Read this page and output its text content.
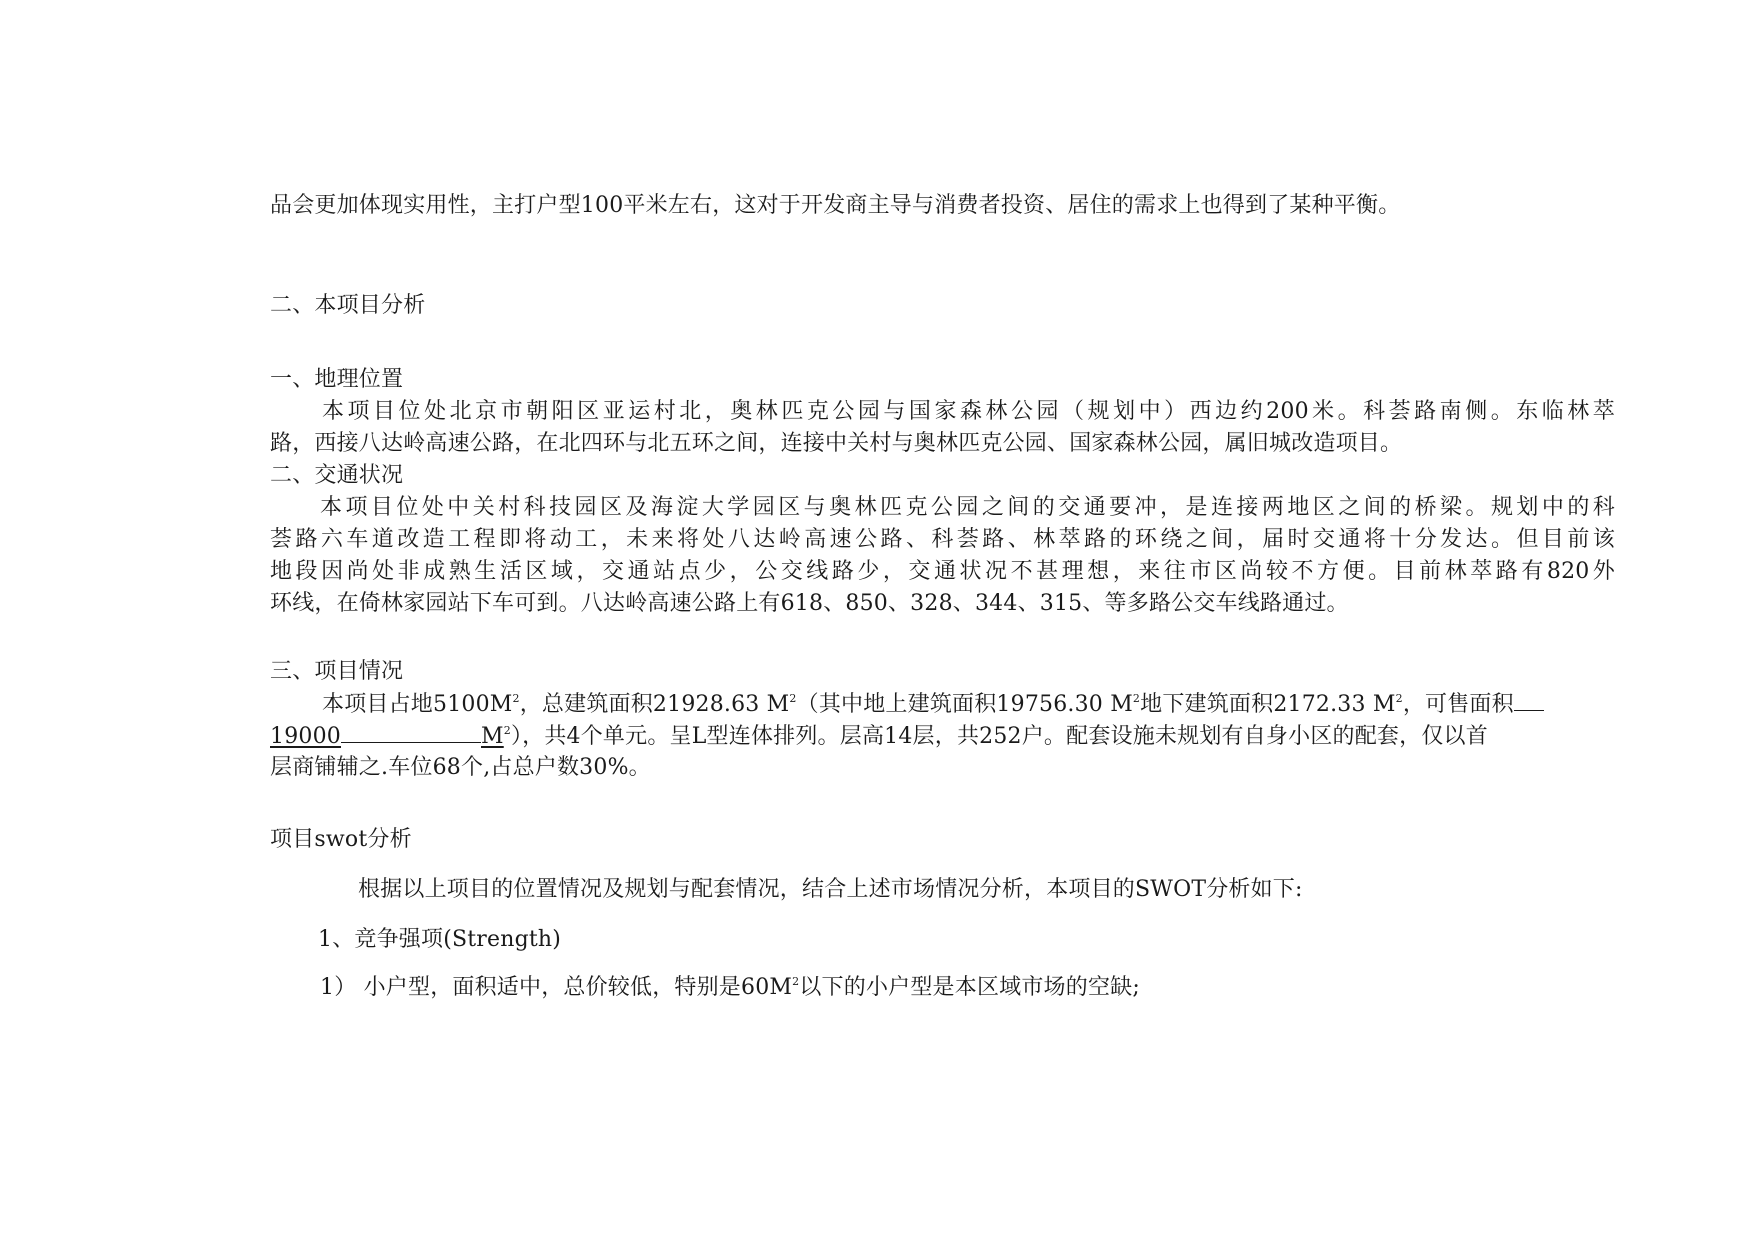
品会更加体现实用性，主打户型100平米左右，这对于开发商主导与消费者投资、居住的需求上也得到了某种平衡。
二、本项目分析
一、地理位置
本项目位处北京市朝阳区亚运村北，奥林匹克公园与国家森林公园（规划中）西边约200米。科荟路南侧。东临林萃
路，西接八达岭高速公路，在北四环与北五环之间，连接中关村与奥林匹克公园、国家森林公园，属旧城改造项目。
二、交通状况
本项目位处中关村科技园区及海淀大学园区与奥林匹克公园之间的交通要冲，是连接两地区之间的桥梁。规划中的科
荟路六车道改造工程即将动工，未来将处八达岭高速公路、科荟路、林萃路的环绕之间，届时交通将十分发达。但目前该
地段因尚处非成熟生活区域，交通站点少，公交线路少，交通状况不甚理想，来往市区尚较不方便。目前林萃路有820外
环线，在倚林家园站下车可到。八达岭高速公路上有618、850、328、344、315、等多路公交车线路通过。
三、项目情况
本项目占地$5100M^2$，总建筑面积21928.63 $M^2$（其中地上建筑面积19756.30 $M^2$地下建筑面积2172.33 $M^2$，可售面积
19000	$M^2$），共4个单元。呈L型连体排列。层高14层，共252户。配套设施未规划有自身小区的配套，仅以首
层商铺辅之.车位68个,占总户数30%。
项目swot分析
根据以上项目的位置情况及规划与配套情况，结合上述市场情况分析，本项目的SWOT分析如下:
1、竞争强项(Strength)
1） 小户型，面积适中，总价较低，特别是$60M^2$以下的小户型是本区域市场的空缺;
